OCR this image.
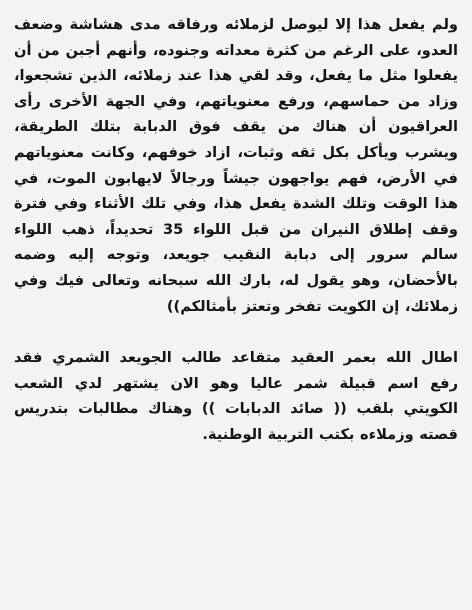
ولم يفعل هذا إلا ليوصل لزملائه ورفاقه مدى هشاشة وضعف العدو، على الرغم من كثرة معداته وجنوده، وأنهم أجبن من أن يفعلوا مثل ما يفعل، وقد لقي هذا عند زملائه، الذين تشجعوا، وزاد من حماسهم، ورفع معنوياتهم، وفي الجهة الأخرى رأى العراقيون أن هناك من يقف فوق الدبابة بتلك الطريقة، ويشرب ويأكل بكل ثقه وثبات، ازاد خوفهم، وكانت معنوياتهم في الأرض، فهم يواجهون جيشاً ورجالاً لايهابون الموت، في هذا الوقت وتلك الشدة يفعل هذا، وفي تلك الأثناء وفي فترة وقف إطلاق النيران من قبل اللواء 35 تحديداً، ذهب اللواء سالم سرور إلى دبابة النقيب جويعد، وتوجه إليه وضمه بالأحضان، وهو يقول له، بارك الله سبحانه وتعالى فيك وفي زملائك، إن الكويت تفخر وتعتز بأمثالكم))

اطال الله بعمر العقيد متقاعد طالب الجويعد الشمري فقد رفع اسم قبيلة شمر عاليا وهو الان يشتهر لدي الشعب الكويتي بلقب (( صائد الدبابات )) وهناك مطالبات بتدريس قصته وزملاءه بكتب التربية الوطنية.
